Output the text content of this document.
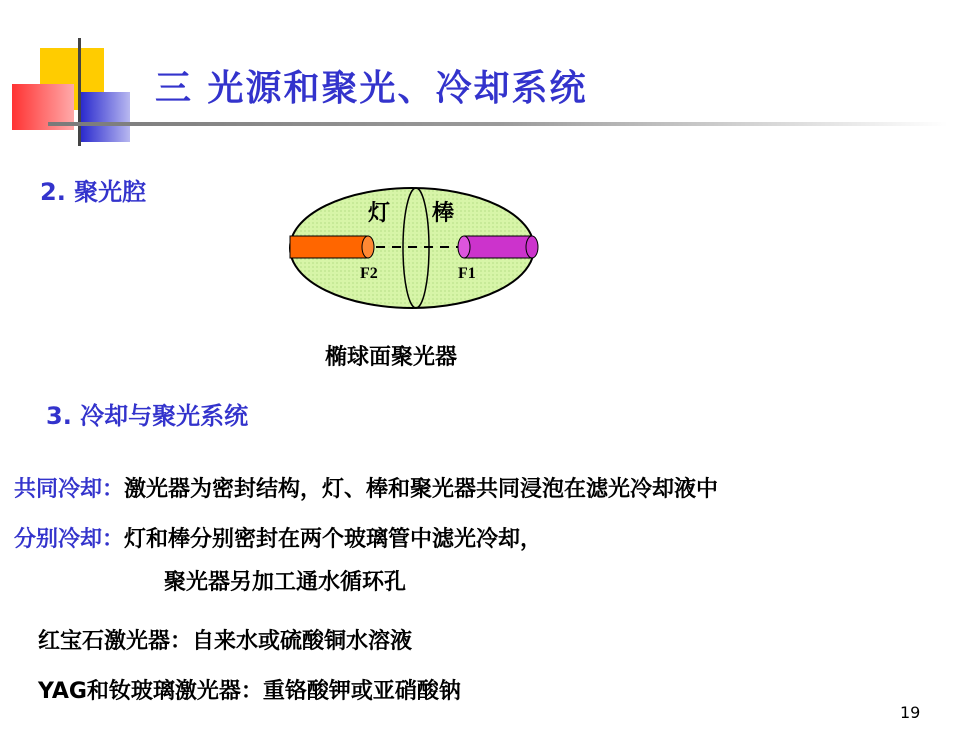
三 光源和聚光、冷却系统
2. 聚光腔
灯 棒
F2	F1
椭球面聚光器
3. 冷却与聚光系统
共同冷却：激光器为密封结构，灯、棒和聚光器共同浸泡在滤光冷却液中
分别冷却：灯和棒分别密封在两个玻璃管中滤光冷却，
聚光器另加工通水循环孔
红宝石激光器：自来水或硫酸铜水溶液
YAG和钕玻璃激光器：重铬酸钾或亚硝酸钠
19
